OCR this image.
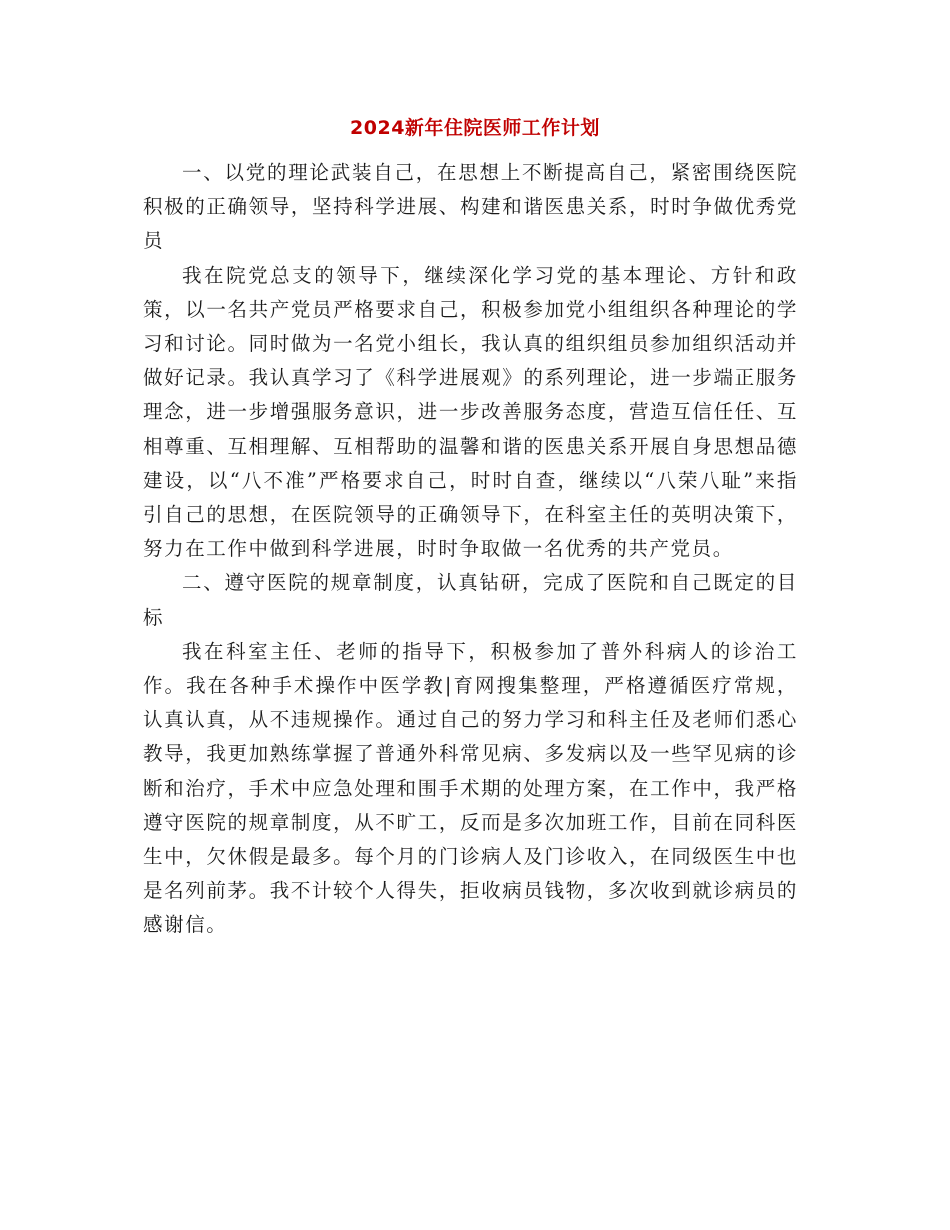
2024新年住院医师工作计划

一、以党的理论武装自己，在思想上不断提高自己，紧密围绕医院积极的正确领导，坚持科学进展、构建和谐医患关系，时时争做优秀党员

我在院党总支的领导下，继续深化学习党的基本理论、方针和政策，以一名共产党员严格要求自己，积极参加党小组组织各种理论的学习和讨论。同时做为一名党小组长，我认真的组织组员参加组织活动并做好记录。我认真学习了《科学进展观》的系列理论，进一步端正服务理念，进一步增强服务意识，进一步改善服务态度，营造互信任任、互相尊重、互相理解、互相帮助的温馨和谐的医患关系开展自身思想品德建设，以“八不准”严格要求自己，时时自查，继续以“八荣八耻”来指引自己的思想，在医院领导的正确领导下，在科室主任的英明决策下，努力在工作中做到科学进展，时时争取做一名优秀的共产党员。

二、遵守医院的规章制度，认真钻研，完成了医院和自己既定的目标

我在科室主任、老师的指导下，积极参加了普外科病人的诊治工作。我在各种手术操作中医学教|育网搜集整理，严格遵循医疗常规，认真认真，从不违规操作。通过自己的努力学习和科主任及老师们悉心教导，我更加熟练掌握了普通外科常见病、多发病以及一些罕见病的诊断和治疗，手术中应急处理和围手术期的处理方案，在工作中，我严格遵守医院的规章制度，从不旷工，反而是多次加班工作，目前在同科医生中，欠休假是最多。每个月的门诊病人及门诊收入，在同级医生中也是名列前茅。我不计较个人得失，拒收病员钱物，多次收到就诊病员的感谢信。
